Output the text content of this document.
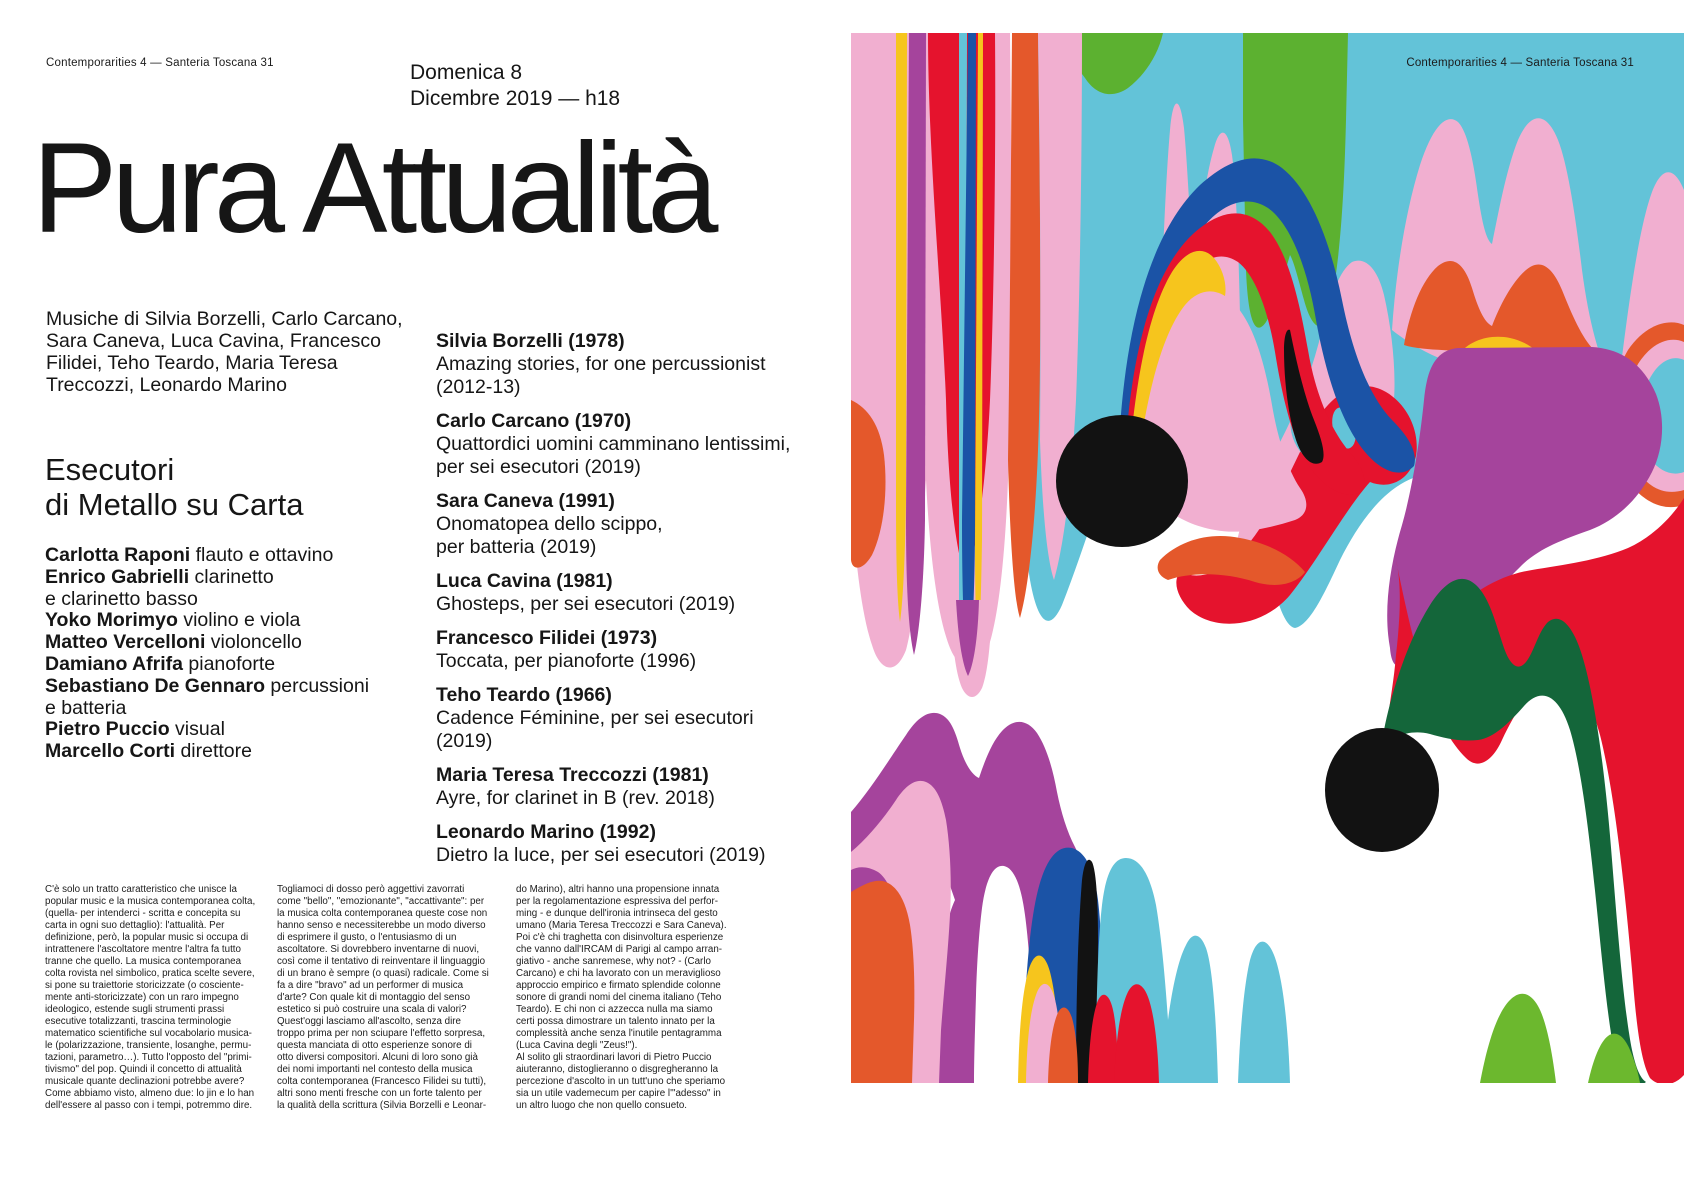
Contemporarities 4 — Santeria Toscana 31	Domenica 8
Dicembre 2019 — h18
Pura Attualità
Musiche di Silvia Borzelli, Carlo Carcano,
Sara Caneva, Luca Cavina, Francesco
Filidei, Teho Teardo, Maria Teresa
Treccozzi, Leonardo Marino
Esecutori
di Metallo su Carta
Carlotta Raponi flauto e ottavino
Enrico Gabrielli clarinetto
e clarinetto basso
Yoko Morimyo violino e viola
Matteo Vercelloni violoncello
Damiano Afrifa pianoforte
Sebastiano De Gennaro percussioni
e batteria
Pietro Puccio visual
Marcello Corti direttore
Silvia Borzelli (1978)
Amazing stories, for one percussionist
(2012-13)
Carlo Carcano (1970)
Quattordici uomini camminano lentissimi,
per sei esecutori (2019)
Sara Caneva (1991)
Onomatopea dello scippo,
per batteria (2019)
Luca Cavina (1981)
Ghosteps, per sei esecutori (2019)
Francesco Filidei (1973)
Toccata, per pianoforte (1996)
Teho Teardo (1966)
Cadence Féminine, per sei esecutori (2019)
Maria Teresa Treccozzi (1981)
Ayre, for clarinet in B (rev. 2018)
Leonardo Marino (1992)
Dietro la luce, per sei esecutori (2019)
C'è solo un tratto caratteristico che unisce la
popular music e la musica contemporanea colta,
(quella- per intenderci - scritta e concepita su
carta in ogni suo dettaglio): l'attualità. Per
definizione, però, la popular music si occupa di
intrattenere l'ascoltatore mentre l'altra fa tutto
tranne che quello. La musica contemporanea
colta rovista nel simbolico, pratica scelte severe,
si pone su traiettorie storicizzate (o cosciente-
mente anti-storicizzate) con un raro impegno
ideologico, estende sugli strumenti prassi
esecutive totalizzanti, trascina terminologie
matematico scientifiche sul vocabolario musica-
le (polarizzazione, transiente, losanghe, permu-
tazioni, parametro…). Tutto l'opposto del "primi-
tivismo" del pop. Quindi il concetto di attualità
musicale quante declinazioni potrebbe avere?
Come abbiamo visto, almeno due: lo jin e lo han
dell'essere al passo con i tempi, potremmo dire.
Togliamoci di dosso però aggettivi zavorrati
come "bello", "emozionante", "accattivante": per
la musica colta contemporanea queste cose non
hanno senso e necessiterebbe un modo diverso
di esprimere il gusto, o l'entusiasmo di un
ascoltatore. Si dovrebbero inventarne di nuovi,
così come il tentativo di reinventare il linguaggio
di un brano è sempre (o quasi) radicale. Come si
fa a dire "bravo" ad un performer di musica
d'arte? Con quale kit di montaggio del senso
estetico si può costruire una scala di valori?
Quest'oggi lasciamo all'ascolto, senza dire
troppo prima per non sciupare l'effetto sorpresa,
questa manciata di otto esperienze sonore di
otto diversi compositori. Alcuni di loro sono già
dei nomi importanti nel contesto della musica
colta contemporanea (Francesco Filidei su tutti),
altri sono menti fresche con un forte talento per
la qualità della scrittura (Silvia Borzelli e Leonar-
do Marino), altri hanno una propensione innata
per la regolamentazione espressiva del perfor-
ming - e dunque dell'ironia intrinseca del gesto
umano (Maria Teresa Treccozzi e Sara Caneva).
Poi c'è chi traghetta con disinvoltura esperienze
che vanno dall'IRCAM di Parigi al campo arran-
giativo - anche sanremese, why not? - (Carlo
Carcano) e chi ha lavorato con un meraviglioso
approccio empirico e firmato splendide colonne
sonore di grandi nomi del cinema italiano (Teho
Teardo). E chi non ci azzecca nulla ma siamo
certi possa dimostrare un talento innato per la
complessità anche senza l'inutile pentagramma
(Luca Cavina degli "Zeus!").
Al solito gli straordinari lavori di Pietro Puccio
aiuteranno, distoglieranno o disgregheranno la
percezione d'ascolto in un tutt'uno che speriamo
sia un utile vademecum per capire l'"adesso" in
un altro luogo che non quello consueto.
Contemporarities 4 — Santeria Toscana 31
